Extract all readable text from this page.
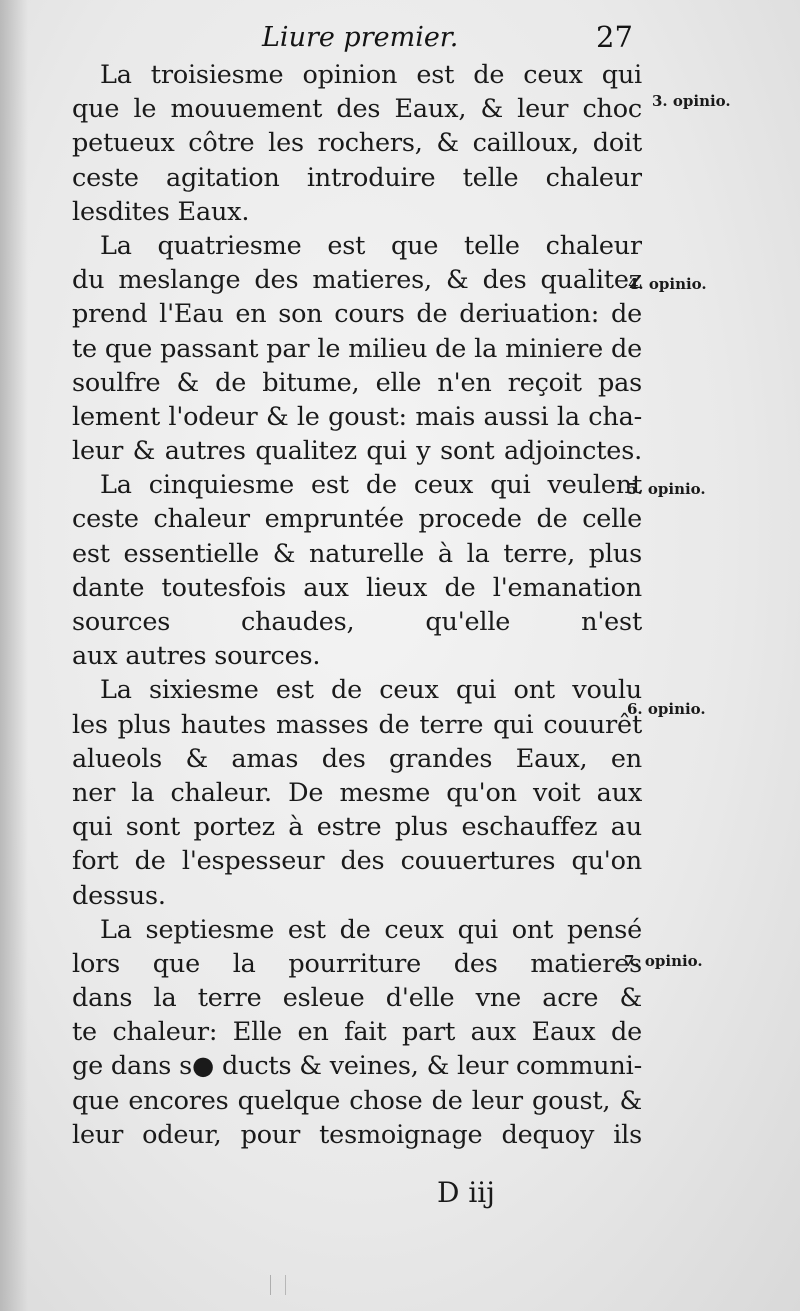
Liure premier.	27
La troisiesme opinion est de ceux qui
que le mouuement des Eaux, & leur choc
petueux côtre les rochers, & cailloux, doit
ceste agitation introduire telle chaleur
lesdites Eaux.
La quatriesme est que telle chaleur
du meslange des matieres, & des qualitez
prend l'Eau en son cours de deriuation: de
te que passant par le milieu de la miniere de
soulfre & de bitume, elle n'en reçoit pas
lement l'odeur & le goust: mais aussi la cha-
leur & autres qualitez qui y sont adjoinctes.
La cinquiesme est de ceux qui veulent
ceste chaleur empruntée procede de celle
est essentielle & naturelle à la terre, plus
dante toutesfois aux lieux de l'emanation
sources chaudes, qu'elle n'est
aux autres sources.
La sixiesme est de ceux qui ont voulu
les plus hautes masses de terre qui couurêt
alueols & amas des grandes Eaux, en
ner la chaleur. De mesme qu'on voit aux
qui sont portez à estre plus eschauffez au
fort de l'espesseur des couuertures qu'on
dessus.
La septiesme est de ceux qui ont pensé
lors que la pourriture des matieres
dans la terre esleue d'elle vne acre &
te chaleur: Elle en fait part aux Eaux de
ge dans s● ducts & veines, & leur communi-
que encores quelque chose de leur goust, &
leur odeur, pour tesmoignage dequoy ils
3. opinio.
4. opinio.
5. opinio.
6. opinio.
7. opinio.
D iij
